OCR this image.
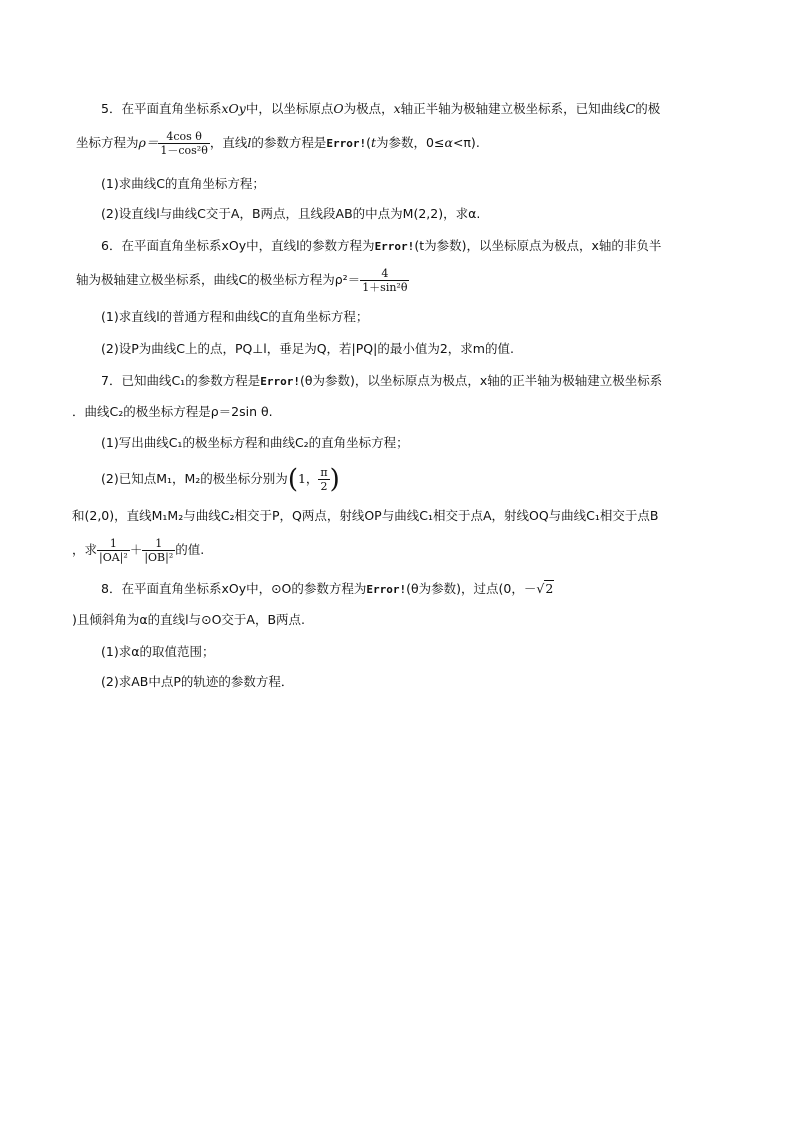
5．在平面直角坐标系xOy中，以坐标原点O为极点，x轴正半轴为极轴建立极坐标系，已知曲线C的极
坐标方程为$\rho= \frac{\text{4cos θ}}{\text{1－cos²θ}}$ ，直线l的参数方程是Error!(t为参数，0≤α<π).
(1)求曲线C的直角坐标方程；
(2)设直线l与曲线C交于A，B两点，且线段AB的中点为M(2,2)，求α.
6．在平面直角坐标系xOy中，直线l的参数方程为Error!(t为参数)，以坐标原点为极点，x轴的非负半
轴为极轴建立极坐标系，曲线C的极坐标方程为$\rho^2= \frac{4}{\text{1＋sin²θ}}$
(1)求直线l的普通方程和曲线C的直角坐标方程；
(2)设P为曲线C上的点，PQ⊥l，垂足为Q，若|PQ|的最小值为2，求m的值.
7．已知曲线C₁的参数方程是Error!(θ为参数)，以坐标原点为极点，x轴的正半轴为极轴建立极坐标系
．曲线C₂的极坐标方程是ρ＝2sin θ.
(1)写出曲线C₁的极坐标方程和曲线C₂的直角坐标方程；
(2)已知点M₁，M₂的极坐标分别为(1， $\frac{\pi}{2}$ )
和(2,0)，直线M₁M₂与曲线C₂相交于P，Q两点，射线OP与曲线C₁相交于点A，射线OQ与曲线C₁相交于点B
，求 $\frac{1}{\text{|OA|²}} + \frac{1}{\text{|OB|²}}$ 的值.
8．在平面直角坐标系xOy中，⊙O的参数方程为Error!(θ为参数)，过点(0，－√2
)且倾斜角为α的直线l与⊙O交于A，B两点.
(1)求α的取值范围；
(2)求AB中点P的轨迹的参数方程．
